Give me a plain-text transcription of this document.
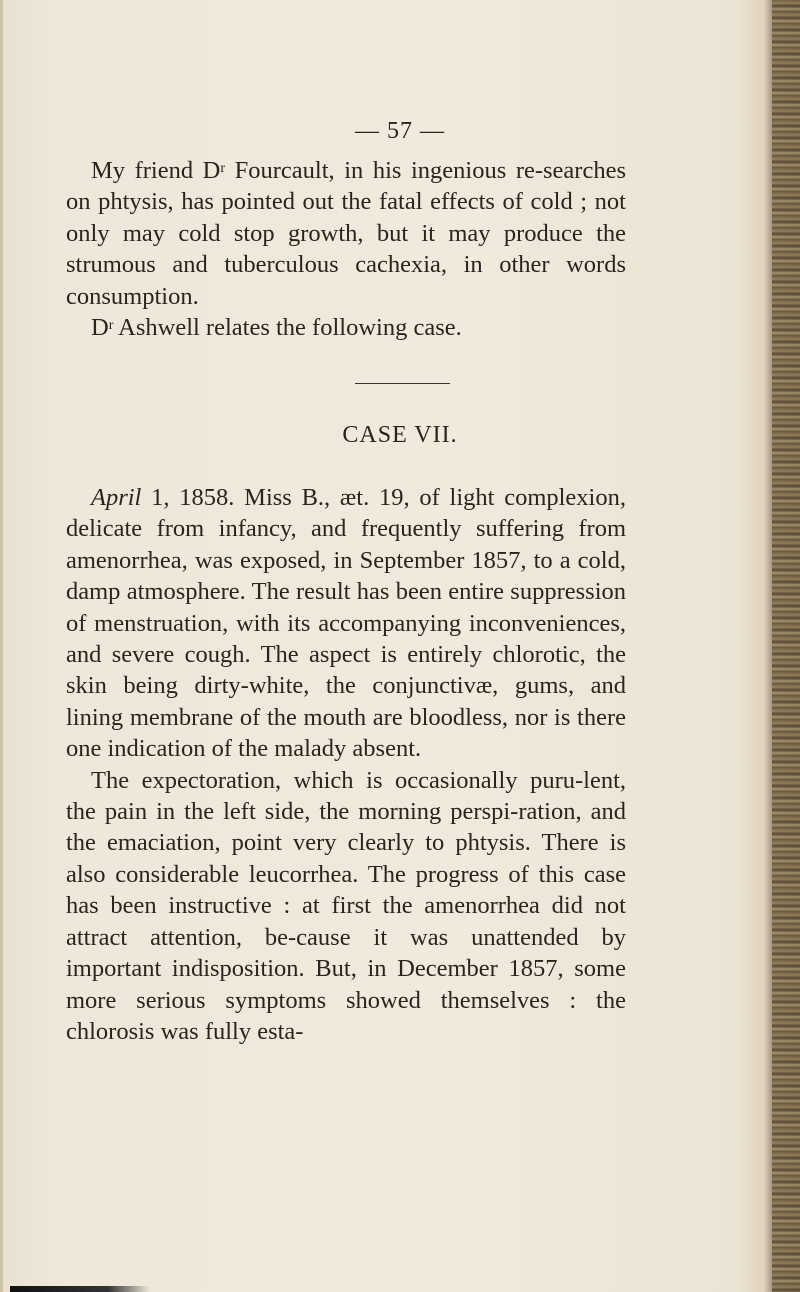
— 57 —

My friend $D^r$ Fourcault, in his ingenious re-searches on phtysis, has pointed out the fatal effects of cold ; not only may cold stop growth, but it may produce the strumous and tuberculous cachexia, in other words consumption.

$D^r$ Ashwell relates the following case.

CASE VII.

April 1, 1858. Miss B., æt. 19, of light complexion, delicate from infancy, and frequently suffering from amenorrhea, was exposed, in September 1857, to a cold, damp atmosphere. The result has been entire suppression of menstruation, with its accompanying inconveniences, and severe cough. The aspect is entirely chlorotic, the skin being dirty-white, the conjunctivæ, gums, and lining membrane of the mouth are bloodless, nor is there one indication of the malady absent.

The expectoration, which is occasionally puru-lent, the pain in the left side, the morning perspi-ration, and the emaciation, point very clearly to phtysis. There is also considerable leucorrhea. The progress of this case has been instructive : at first the amenorrhea did not attract attention, be-cause it was unattended by important indisposition. But, in December 1857, some more serious symptoms showed themselves : the chlorosis was fully esta-
